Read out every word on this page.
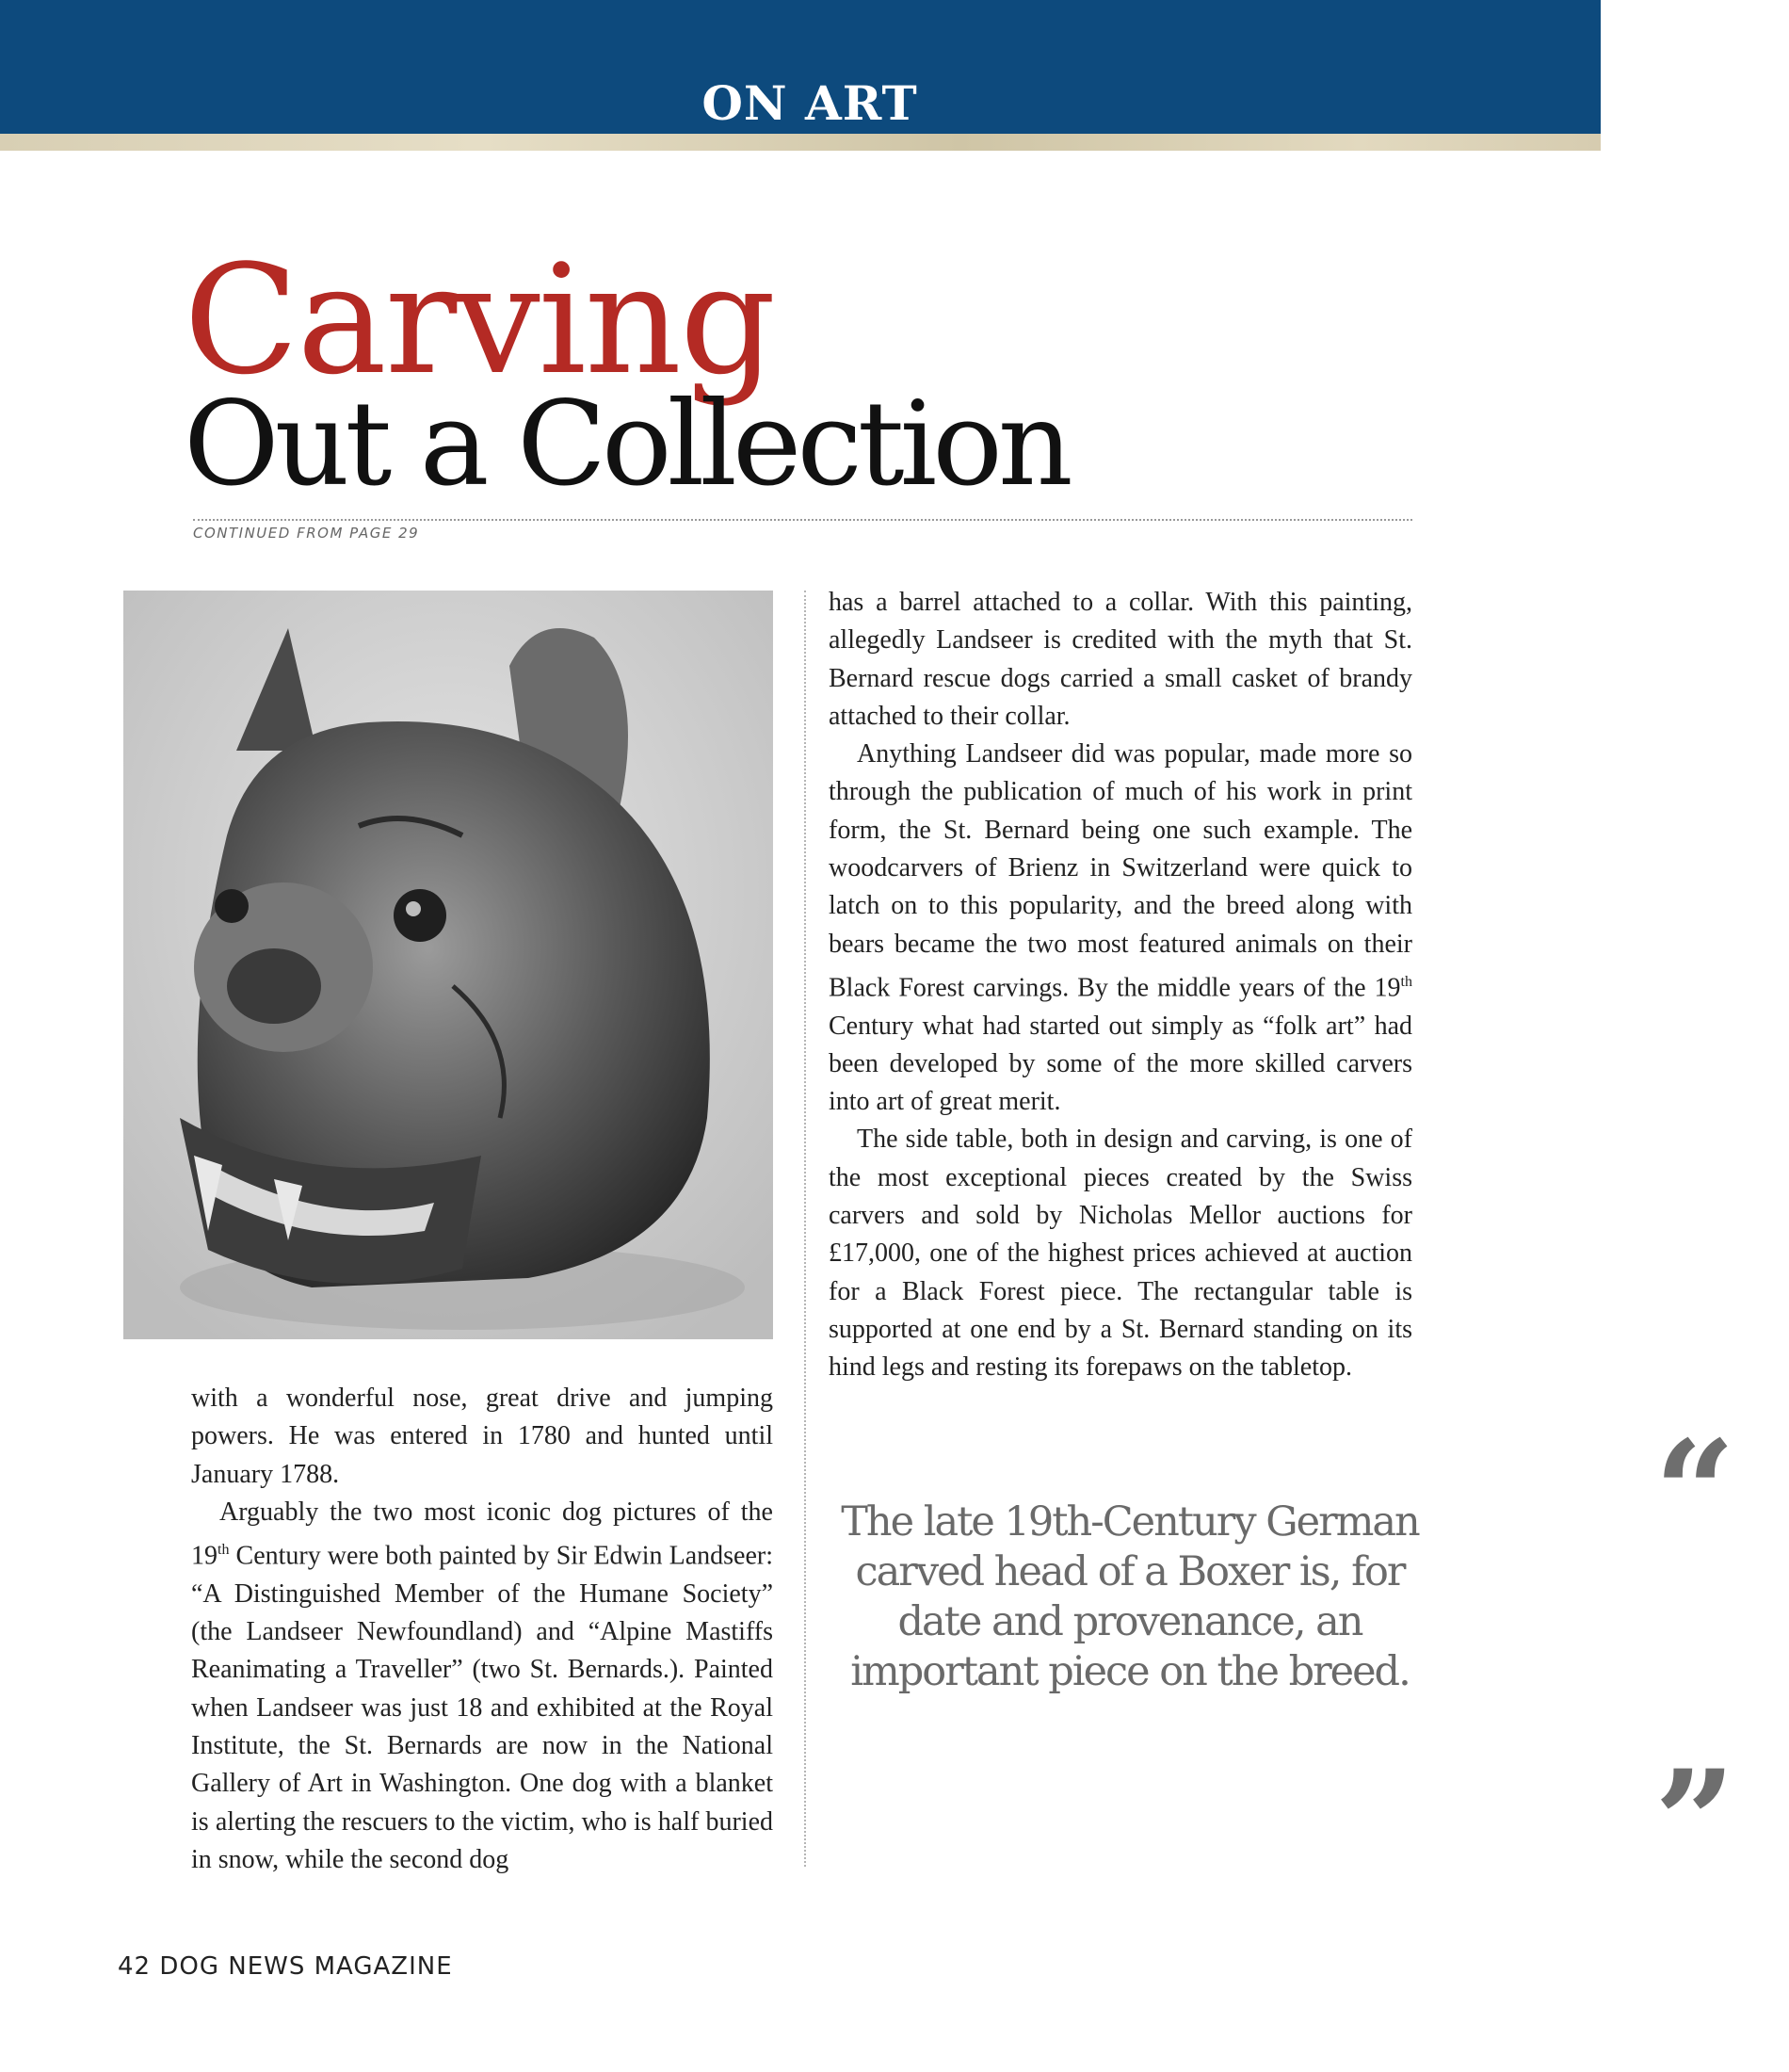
ON ART
Carving
Out a Collection
CONTINUED FROM PAGE 29

with a wonderful nose, great drive and jumping powers. He was entered in 1780 and hunted until January 1788.

Arguably the two most iconic dog pictures of the 19th Century were both painted by Sir Edwin Landseer: “A Distinguished Member of the Humane Society” (the Landseer Newfoundland) and “Alpine Mastiffs Reanimating a Traveller” (two St. Bernards.). Painted when Landseer was just 18 and exhibited at the Royal Institute, the St. Bernards are now in the National Gallery of Art in Washington. One dog with a blanket is alerting the rescuers to the victim, who is half buried in snow, while the second dog

has a barrel attached to a collar. With this painting, allegedly Landseer is credited with the myth that St. Bernard rescue dogs carried a small casket of brandy attached to their collar.

Anything Landseer did was popular, made more so through the publication of much of his work in print form, the St. Bernard being one such example. The woodcarvers of Brienz in Switzerland were quick to latch on to this popularity, and the breed along with bears became the two most featured animals on their Black Forest carvings. By the middle years of the 19th Century what had started out simply as “folk art” had been developed by some of the more skilled carvers into art of great merit.

The side table, both in design and carving, is one of the most exceptional pieces created by the Swiss carvers and sold by Nicholas Mellor auctions for £17,000, one of the highest prices achieved at auction for a Black Forest piece. The rectangular table is supported at one end by a St. Bernard standing on its hind legs and resting its forepaws on the tabletop.

“
The late 19th-Century German carved head of a Boxer is, for date and provenance, an important piece on the breed.
”
42 DOG NEWS MAGAZINE
